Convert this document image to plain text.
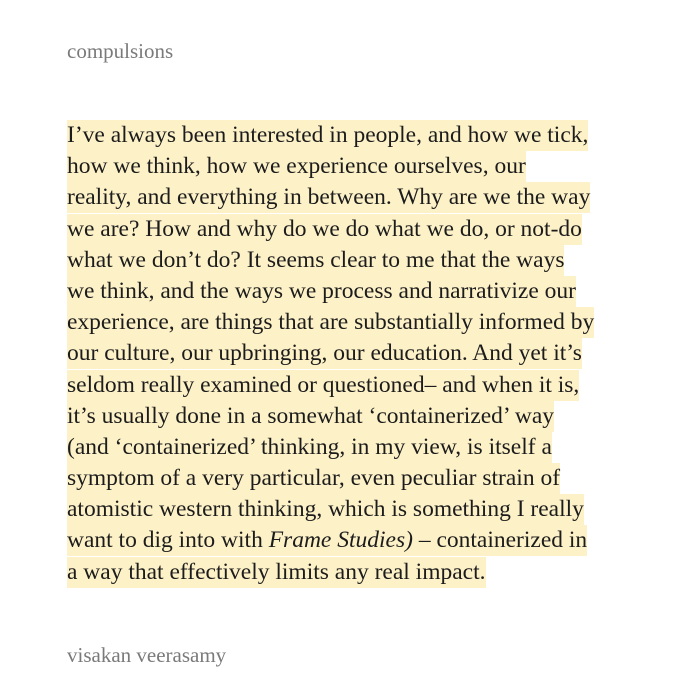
compulsions
I’ve always been interested in people, and how we tick,
how we think, how we experience ourselves, our
reality, and everything in between. Why are we the way
we are? How and why do we do what we do, or not-do
what we don’t do? It seems clear to me that the ways
we think, and the ways we process and narrativize our
experience, are things that are substantially informed by
our culture, our upbringing, our education. And yet it’s
seldom really examined or questioned– and when it is,
it’s usually done in a somewhat ‘containerized’ way
(and ‘containerized’ thinking, in my view, is itself a
symptom of a very particular, even peculiar strain of
atomistic western thinking, which is something I really
want to dig into with Frame Studies) – containerized in
a way that effectively limits any real impact.
visakan veerasamy
